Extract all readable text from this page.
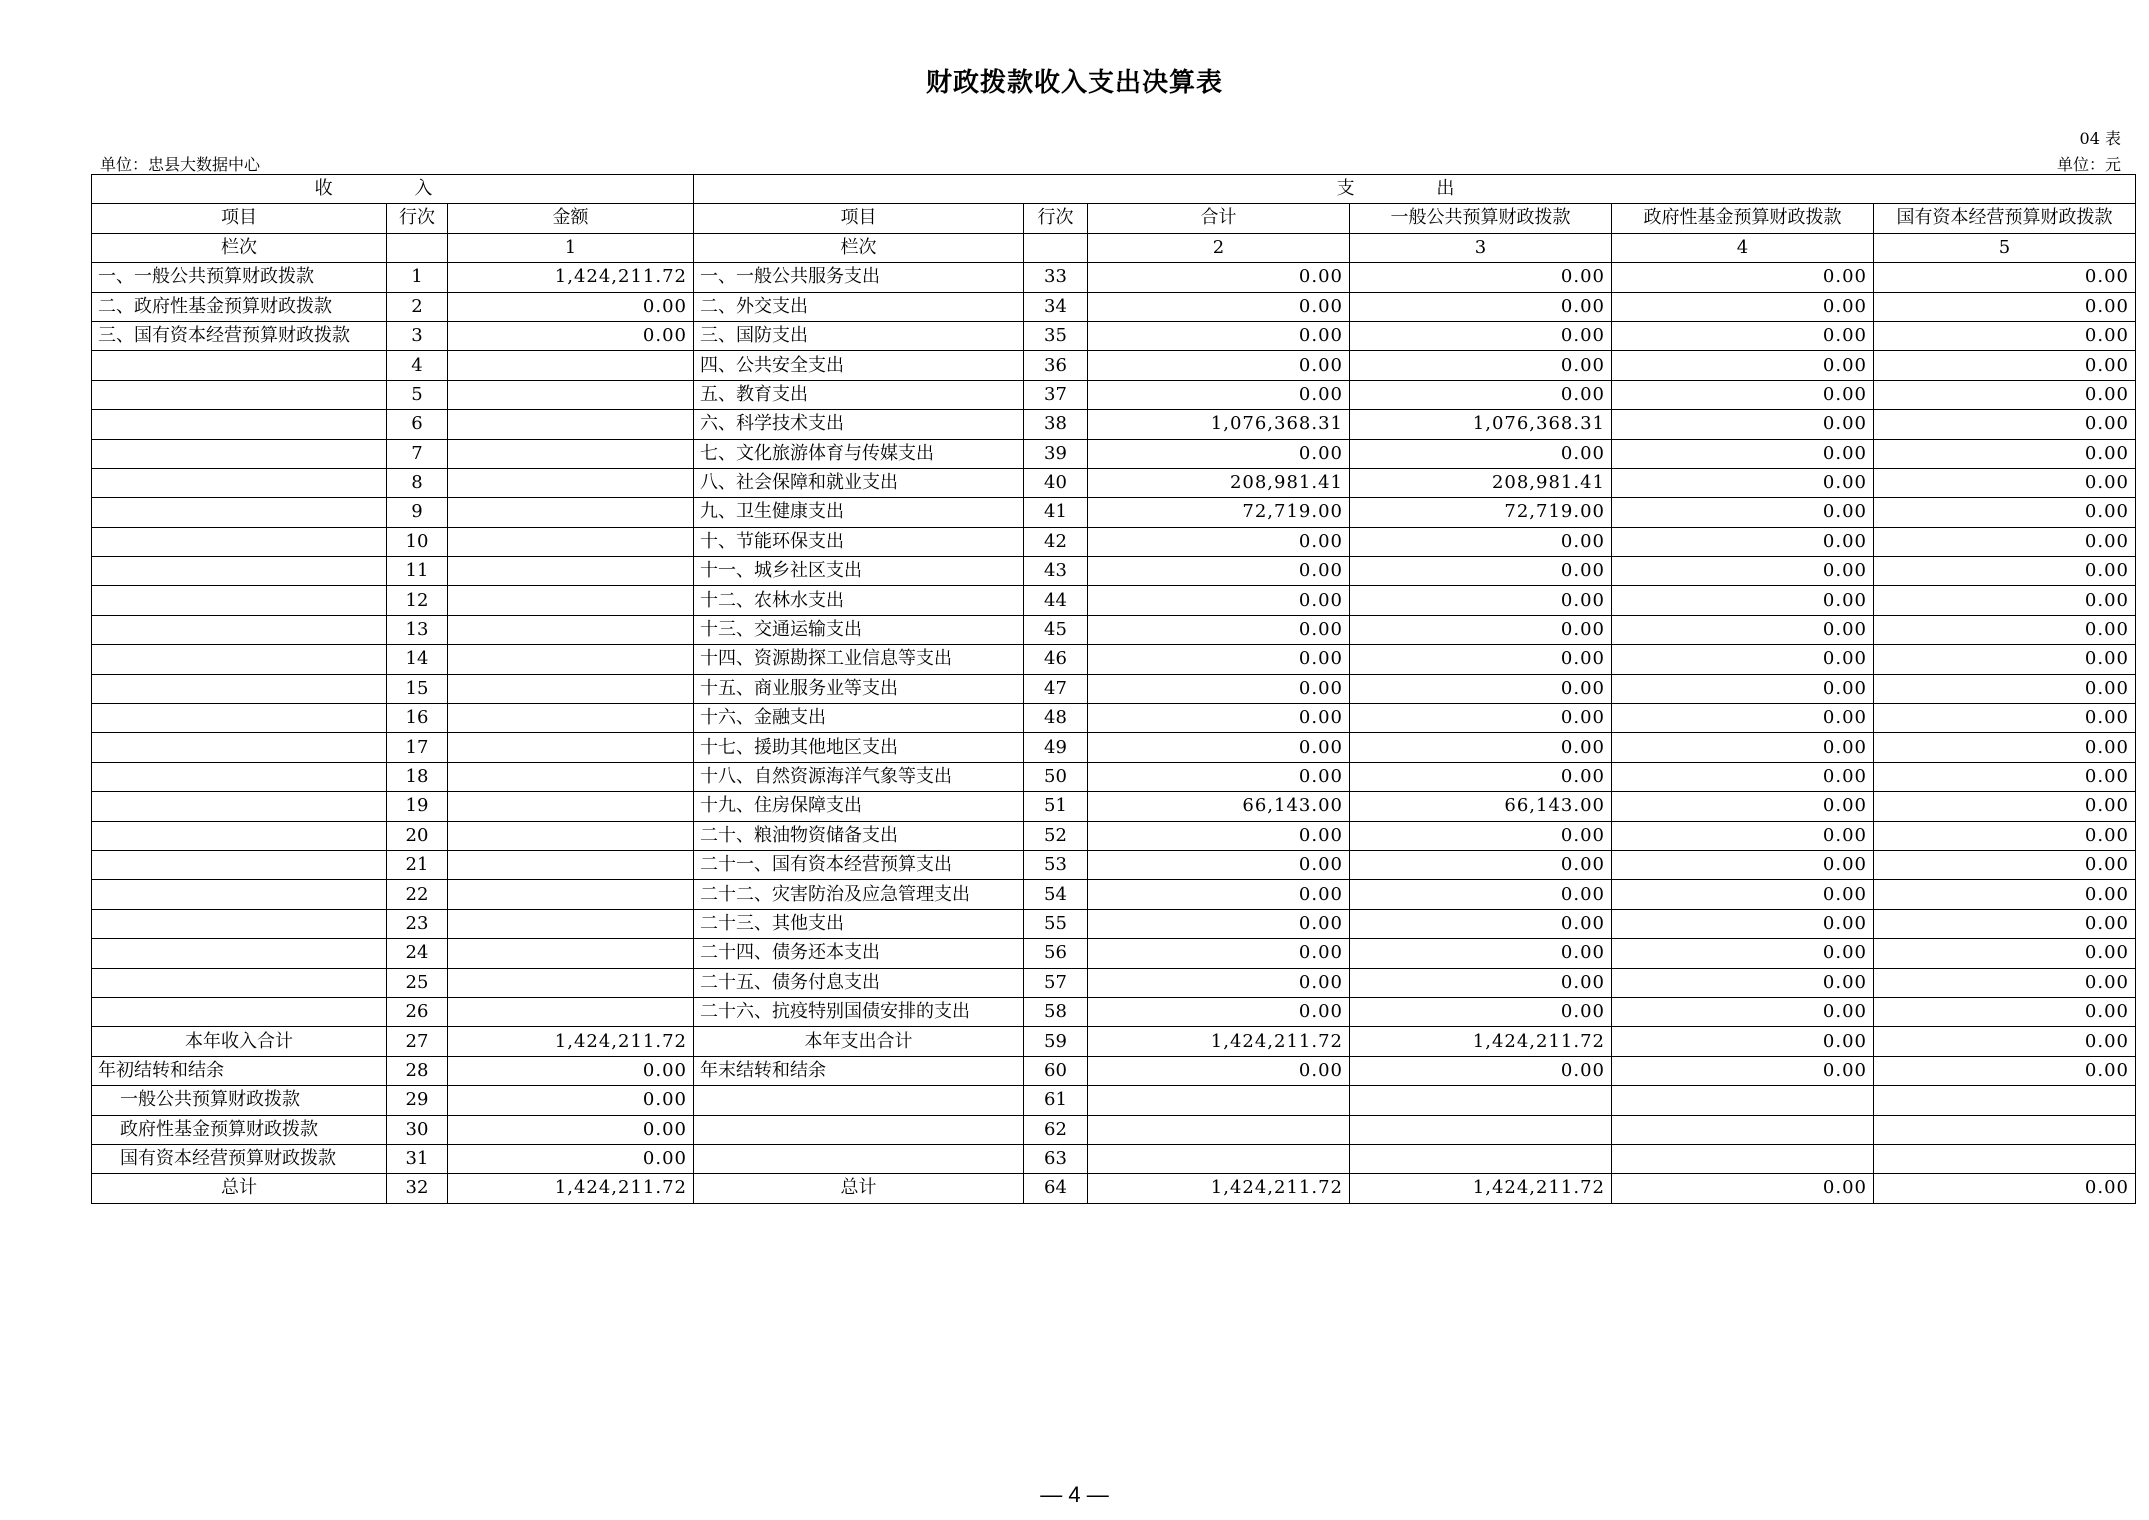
财政拨款收入支出决算表
04 表
单位：忠县大数据中心	单位：元
收 入			支 出					
项目	行次	金额	项目	行次	合计	一般公共预算财政拨款	政府性基金预算财政拨款	国有资本经营预算财政拨款
栏次		1	栏次		2	3	4	5
一、一般公共预算财政拨款	1	1,424,211.72	一、一般公共服务支出	33	0.00	0.00	0.00	0.00
二、政府性基金预算财政拨款	2	0.00	二、外交支出	34	0.00	0.00	0.00	0.00
三、国有资本经营预算财政拨款	3	0.00	三、国防支出	35	0.00	0.00	0.00	0.00
	4		四、公共安全支出	36	0.00	0.00	0.00	0.00
	5		五、教育支出	37	0.00	0.00	0.00	0.00
	6		六、科学技术支出	38	1,076,368.31	1,076,368.31	0.00	0.00
	7		七、文化旅游体育与传媒支出	39	0.00	0.00	0.00	0.00
	8		八、社会保障和就业支出	40	208,981.41	208,981.41	0.00	0.00
	9		九、卫生健康支出	41	72,719.00	72,719.00	0.00	0.00
	10		十、节能环保支出	42	0.00	0.00	0.00	0.00
	11		十一、城乡社区支出	43	0.00	0.00	0.00	0.00
	12		十二、农林水支出	44	0.00	0.00	0.00	0.00
	13		十三、交通运输支出	45	0.00	0.00	0.00	0.00
	14		十四、资源勘探工业信息等支出	46	0.00	0.00	0.00	0.00
	15		十五、商业服务业等支出	47	0.00	0.00	0.00	0.00
	16		十六、金融支出	48	0.00	0.00	0.00	0.00
	17		十七、援助其他地区支出	49	0.00	0.00	0.00	0.00
	18		十八、自然资源海洋气象等支出	50	0.00	0.00	0.00	0.00
	19		十九、住房保障支出	51	66,143.00	66,143.00	0.00	0.00
	20		二十、粮油物资储备支出	52	0.00	0.00	0.00	0.00
	21		二十一、国有资本经营预算支出	53	0.00	0.00	0.00	0.00
	22		二十二、灾害防治及应急管理支出	54	0.00	0.00	0.00	0.00
	23		二十三、其他支出	55	0.00	0.00	0.00	0.00
	24		二十四、债务还本支出	56	0.00	0.00	0.00	0.00
	25		二十五、债务付息支出	57	0.00	0.00	0.00	0.00
	26		二十六、抗疫特别国债安排的支出	58	0.00	0.00	0.00	0.00
本年收入合计	27	1,424,211.72	本年支出合计	59	1,424,211.72	1,424,211.72	0.00	0.00
年初结转和结余	28	0.00	年末结转和结余	60	0.00	0.00	0.00	0.00
一般公共预算财政拨款	29	0.00		61				
政府性基金预算财政拨款	30	0.00		62				
国有资本经营预算财政拨款	31	0.00		63				
总计	32	1,424,211.72	总计	64	1,424,211.72	1,424,211.72	0.00	0.00
— 4 —
